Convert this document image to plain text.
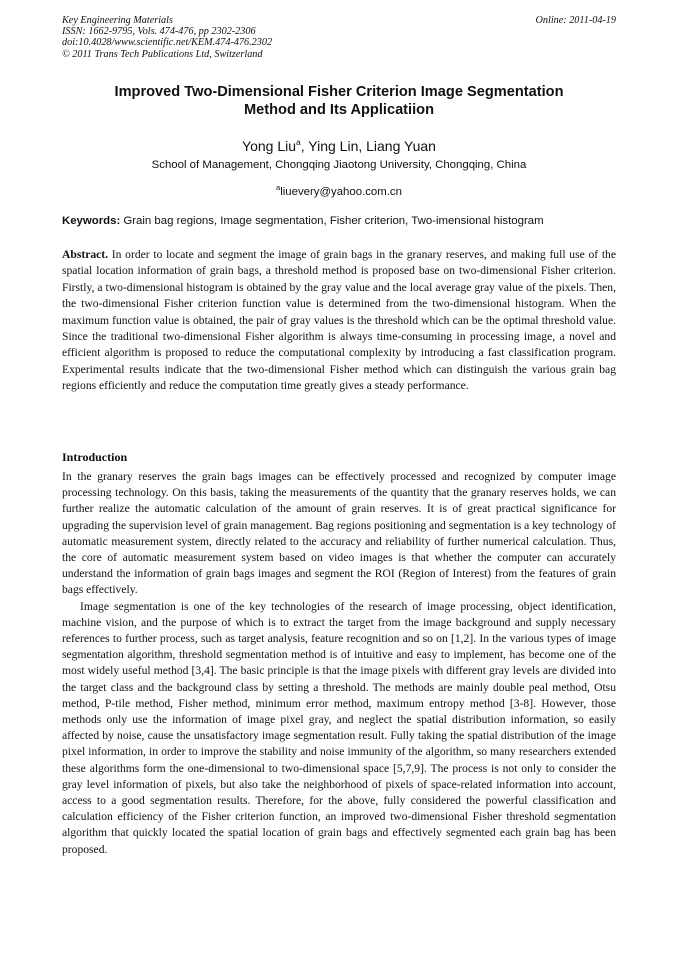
Key Engineering Materials	Online: 2011-04-19
ISSN: 1662-9795, Vols. 474-476, pp 2302-2306
doi:10.4028/www.scientific.net/KEM.474-476.2302
© 2011 Trans Tech Publications Ltd, Switzerland
Improved Two-Dimensional Fisher Criterion Image Segmentation
Method and Its Applicatiion
Yong Liu$^a$, Ying Lin, Liang Yuan
School of Management, Chongqing Jiaotong University, Chongqing, China
$^a$liuevery@yahoo.com.cn
Keywords: Grain bag regions, Image segmentation, Fisher criterion, Two-imensional histogram
Abstract. In order to locate and segment the image of grain bags in the granary reserves, and making full use of the spatial location information of grain bags, a threshold method is proposed base on two-dimensional Fisher criterion. Firstly, a two-dimensional histogram is obtained by the gray value and the local average gray value of the pixels. Then, the two-dimensional Fisher criterion function value is determined from the two-dimensional histogram. When the maximum function value is obtained, the pair of gray values is the threshold which can be the optimal threshold value. Since the traditional two-dimensional Fisher algorithm is always time-consuming in processing image, a novel and efficient algorithm is proposed to reduce the computational complexity by introducing a fast classification program. Experimental results indicate that the two-dimensional Fisher method which can distinguish the various grain bag regions efficiently and reduce the computation time greatly gives a steady performance.
Introduction

In the granary reserves the grain bags images can be effectively processed and recognized by computer image processing technology. On this basis, taking the measurements of the quantity that the granary reserves holds, we can further realize the automatic calculation of the amount of grain reserves. It is of great practical significance for upgrading the supervision level of grain management. Bag regions positioning and segmentation is a key technology of automatic measurement system, directly related to the accuracy and reliability of further numerical calculation. Thus, the core of automatic measurement system based on video images is that whether the computer can accurately understand the information of grain bags images and segment the ROI (Region of Interest) from the features of grain bags effectively.

Image segmentation is one of the key technologies of the research of image processing, object identification, machine vision, and the purpose of which is to extract the target from the image background and supply necessary references to further process, such as target analysis, feature recognition and so on [1,2]. In the various types of image segmentation algorithm, threshold segmentation method is of intuitive and easy to implement, has become one of the most widely useful method [3,4]. The basic principle is that the image pixels with different gray levels are divided into the target class and the background class by setting a threshold. The methods are mainly double peal method, Otsu method, P-tile method, Fisher method, minimum error method, maximum entropy method [3-8]. However, those methods only use the information of image pixel gray, and neglect the spatial distribution information, so easily affected by noise, cause the unsatisfactory image segmentation result. Fully taking the spatial distribution of the image pixel information, in order to improve the stability and noise immunity of the algorithm, so many researchers extended these algorithms form the one-dimensional to two-dimensional space [5,7,9]. The process is not only to consider the gray level information of pixels, but also take the neighborhood of pixels of space-related information into account, access to a good segmentation results. Therefore, for the above, fully considered the powerful classification and calculation efficiency of the Fisher criterion function, an improved two-dimensional Fisher threshold segmentation algorithm that quickly located the spatial location of grain bags and effectively segmented each grain bag has been proposed.
